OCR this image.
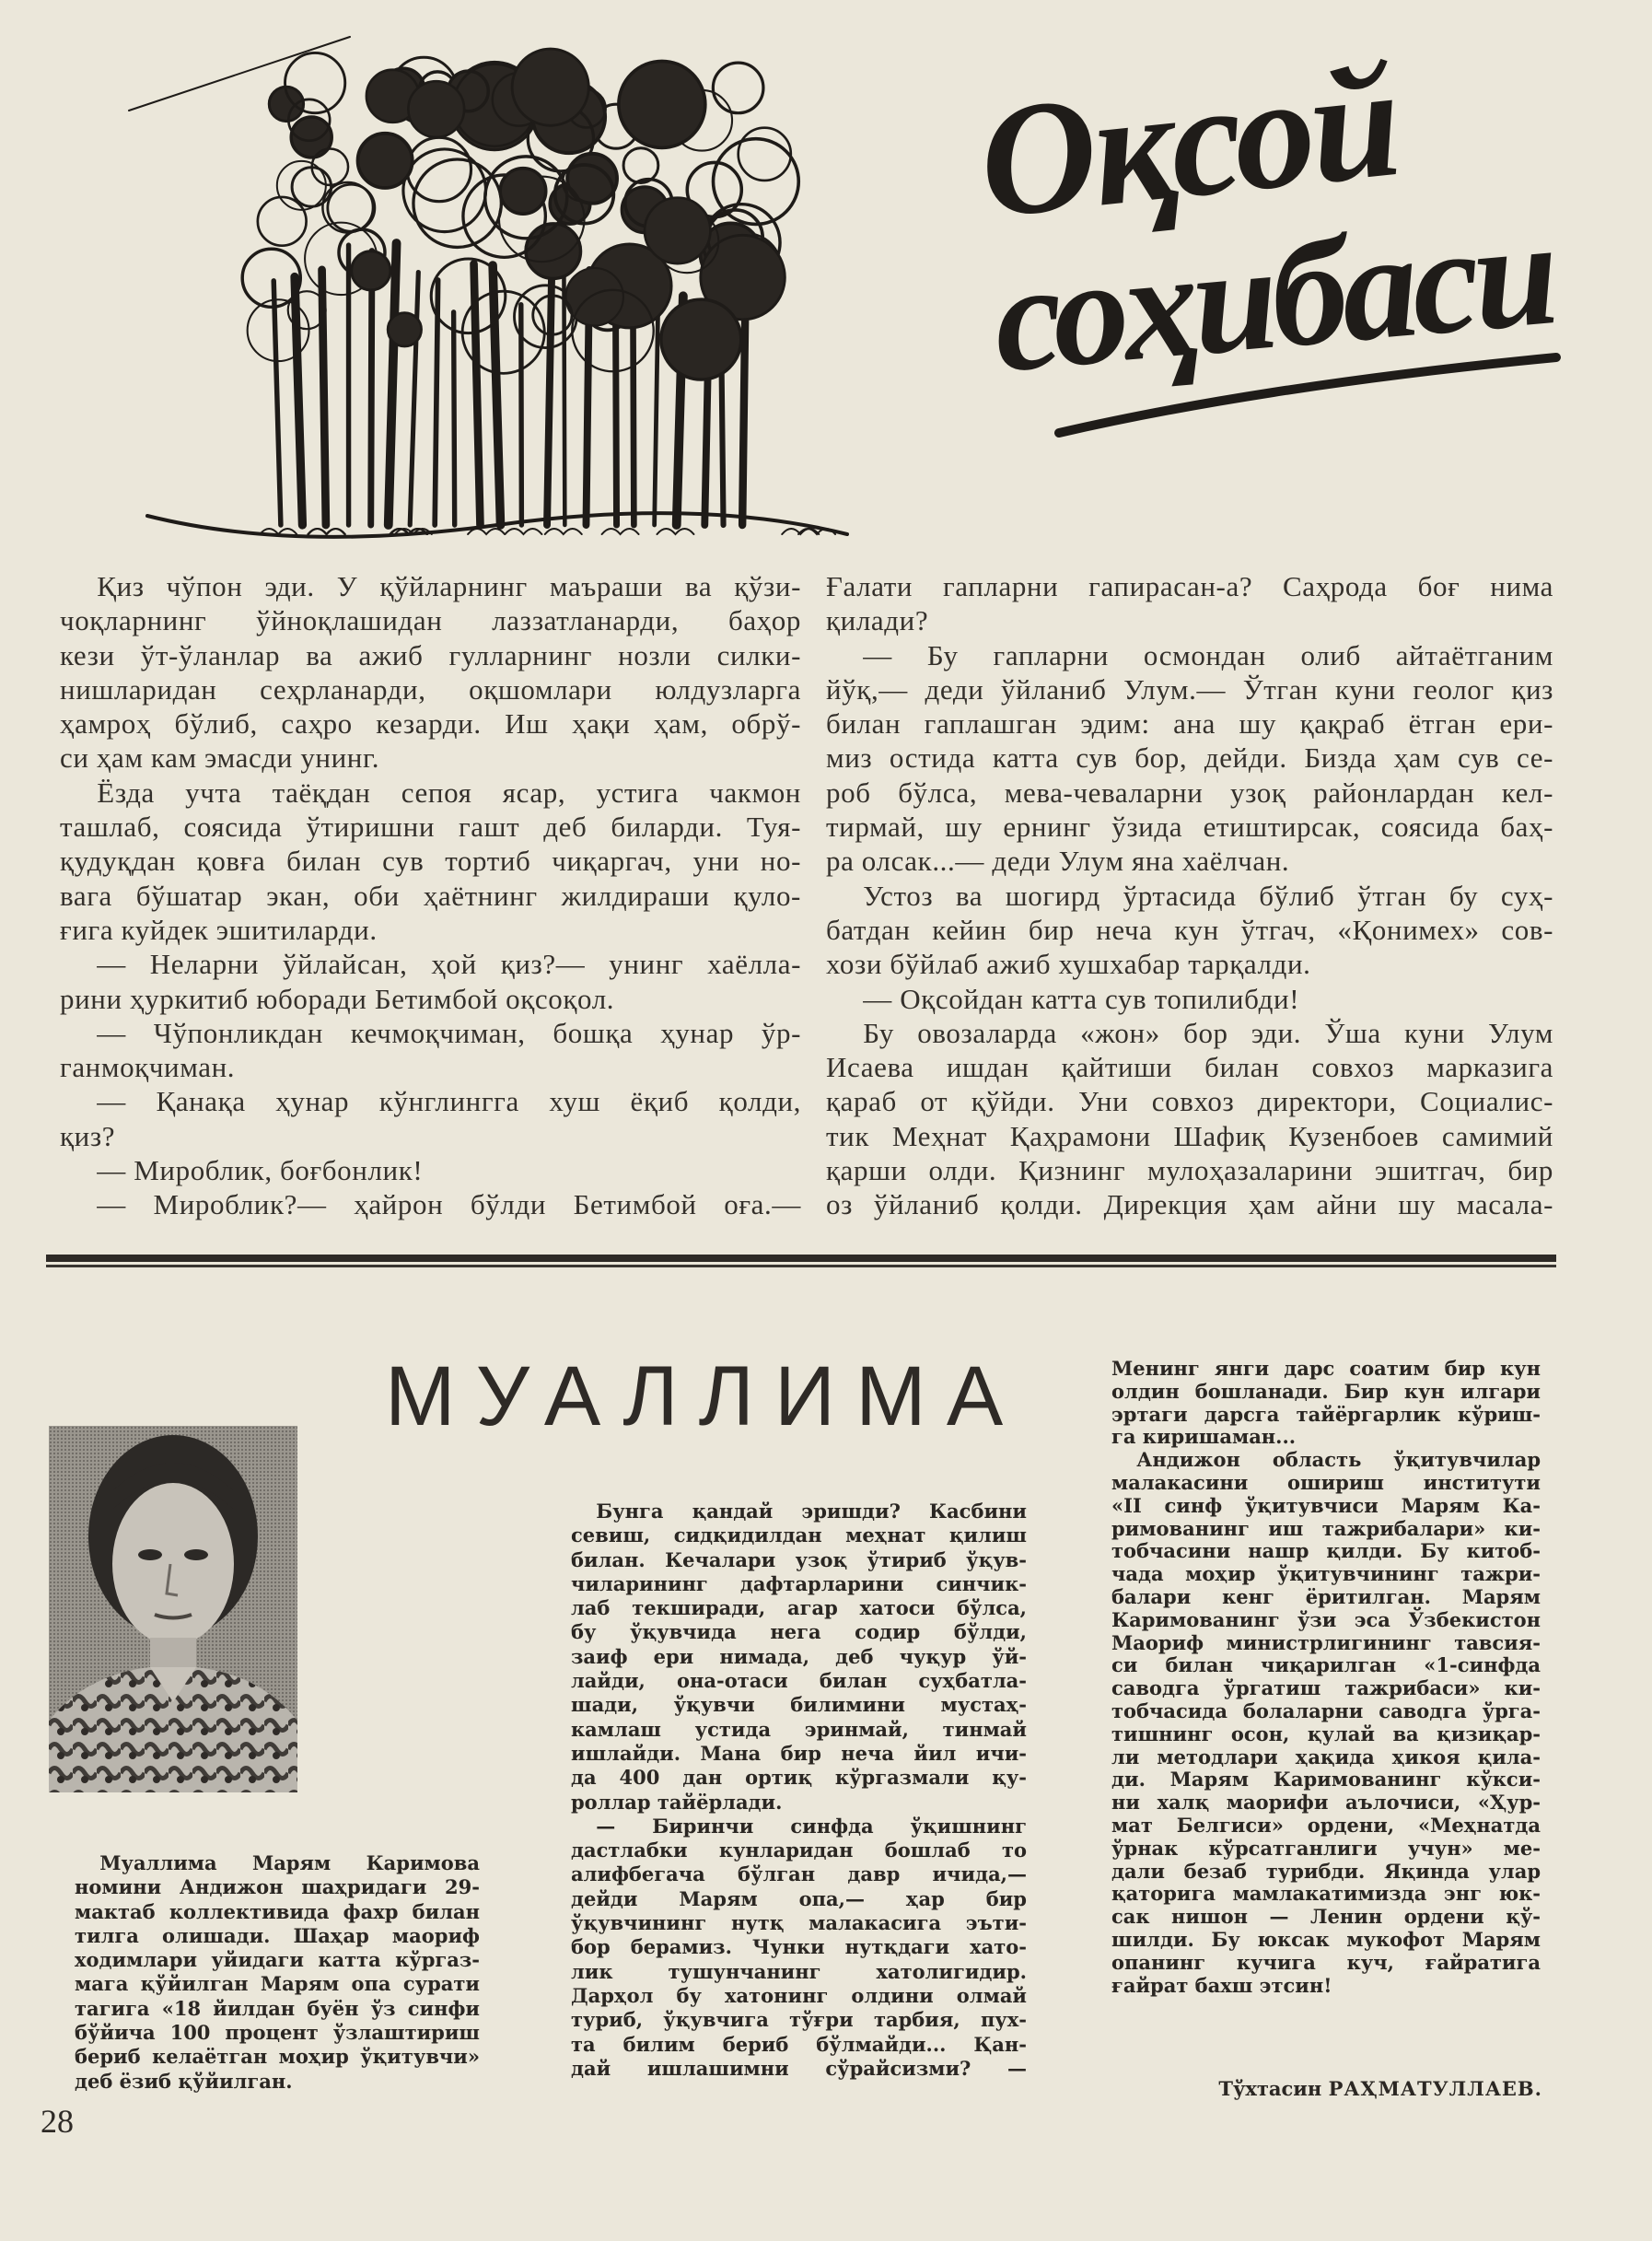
Оқсой
соҳибаси
Қиз чўпон эди. У қўйларнинг маъраши ва қўзи-
чоқларнинг ўйноқлашидан лаззатланарди, баҳор
кези ўт-ўланлар ва ажиб гулларнинг нозли силки-
нишларидан сеҳрланарди, оқшомлари юлдузларга
ҳамроҳ бўлиб, саҳро кезарди. Иш ҳақи ҳам, обрў-
си ҳам кам эмасди унинг.
Ёзда учта таёқдан сепоя ясар, устига чакмон
ташлаб, соясида ўтиришни гашт деб биларди. Туя-
қудуқдан қовға билан сув тортиб чиқаргач, уни но-
вага бўшатар экан, оби ҳаётнинг жилдираши қуло-
ғига куйдек эшитиларди.
— Неларни ўйлайсан, ҳой қиз?— унинг хаёлла-
рини ҳуркитиб юборади Бетимбой оқсоқол.
— Чўпонликдан кечмоқчиман, бошқа ҳунар ўр-
ганмоқчиман.
— Қанақа ҳунар кўнглингга хуш ёқиб қолди,
қиз?
— Мироблик, боғбонлик!
— Мироблик?— ҳайрон бўлди Бетимбой оға.—
Ғалати гапларни гапирасан-а? Саҳрода боғ нима
қилади?
— Бу гапларни осмондан олиб айтаётганим
йўқ,— деди ўйланиб Улум.— Ўтган куни геолог қиз
билан гаплашган эдим: ана шу қақраб ётган ери-
миз остида катта сув бор, дейди. Бизда ҳам сув се-
роб бўлса, мева-чеваларни узоқ районлардан кел-
тирмай, шу ернинг ўзида етиштирсак, соясида баҳ-
ра олсак...— деди Улум яна хаёлчан.
Устоз ва шогирд ўртасида бўлиб ўтган бу суҳ-
батдан кейин бир неча кун ўтгач, «Қонимех» сов-
хози бўйлаб ажиб хушхабар тарқалди.
— Оқсойдан катта сув топилибди!
Бу овозаларда «жон» бор эди. Ўша куни Улум
Исаева ишдан қайтиши билан совхоз марказига
қараб от қўйди. Уни совхоз директори, Социалис-
тик Меҳнат Қаҳрамони Шафиқ Кузенбоев самимий
қарши олди. Қизнинг мулоҳазаларини эшитгач, бир
оз ўйланиб қолди. Дирекция ҳам айни шу масала-
МУАЛЛИМА
Муаллима Марям Каримова
номини Андижон шаҳридаги 29-
мактаб коллективида фахр билан
тилга олишади. Шаҳар маориф
ходимлари уйидаги катта кўргаз-
мага қўйилган Марям опа сурати
тагига «18 йилдан буён ўз синфи
бўйича 100 процент ўзлаштириш
бериб келаётган моҳир ўқитувчи»
деб ёзиб қўйилган.
Бунга қандай эришди? Касбини
севиш, сидқидилдан меҳнат қилиш
билан. Кечалари узоқ ўтириб ўқув-
чиларининг дафтарларини синчик-
лаб текширади, агар хатоси бўлса,
бу ўқувчида нега содир бўлди,
заиф ери нимада, деб чуқур ўй-
лайди, она-отаси билан суҳбатла-
шади, ўқувчи билимини мустаҳ-
камлаш устида эринмай, тинмай
ишлайди. Мана бир неча йил ичи-
да 400 дан ортиқ кўргазмали қу-
роллар тайёрлади.
— Биринчи синфда ўқишнинг
дастлабки кунларидан бошлаб то
алифбегача бўлган давр ичида,—
дейди Марям опа,— ҳар бир
ўқувчининг нутқ малакасига эъти-
бор берамиз. Чунки нутқдаги хато-
лик тушунчанинг хатолигидир.
Дарҳол бу хатонинг олдини олмай
туриб, ўқувчига тўғри тарбия, пух-
та билим бериб бўлмайди... Қан-
дай ишлашимни сўрайсизми? —
Менинг янги дарс соатим бир кун
олдин бошланади. Бир кун илгари
эртаги дарсга тайёргарлик кўриш-
га киришаман...
Андижон область ўқитувчилар
малакасини ошириш институти
«II синф ўқитувчиси Марям Ка-
римованинг иш тажрибалари» ки-
тобчасини нашр қилди. Бу китоб-
чада моҳир ўқитувчининг тажри-
балари кенг ёритилган. Марям
Каримованинг ўзи эса Ўзбекистон
Маориф министрлигининг тавсия-
си билан чиқарилган «1-синфда
саводга ўргатиш тажрибаси» ки-
тобчасида болаларни саводга ўрга-
тишнинг осон, қулай ва қизиқар-
ли методлари ҳақида ҳикоя қила-
ди. Марям Каримованинг кўкси-
ни халқ маорифи аълочиси, «Ҳур-
мат Белгиси» ордени, «Меҳнатда
ўрнак кўрсатганлиги учун» ме-
дали безаб турибди. Яқинда улар
қаторига мамлакатимизда энг юк-
сак нишон — Ленин ордени қў-
шилди. Бу юксак мукофот Марям
опанинг кучига куч, ғайратига
ғайрат бахш этсин!
Тўхтасин РАҲМАТУЛЛАЕВ.
28
